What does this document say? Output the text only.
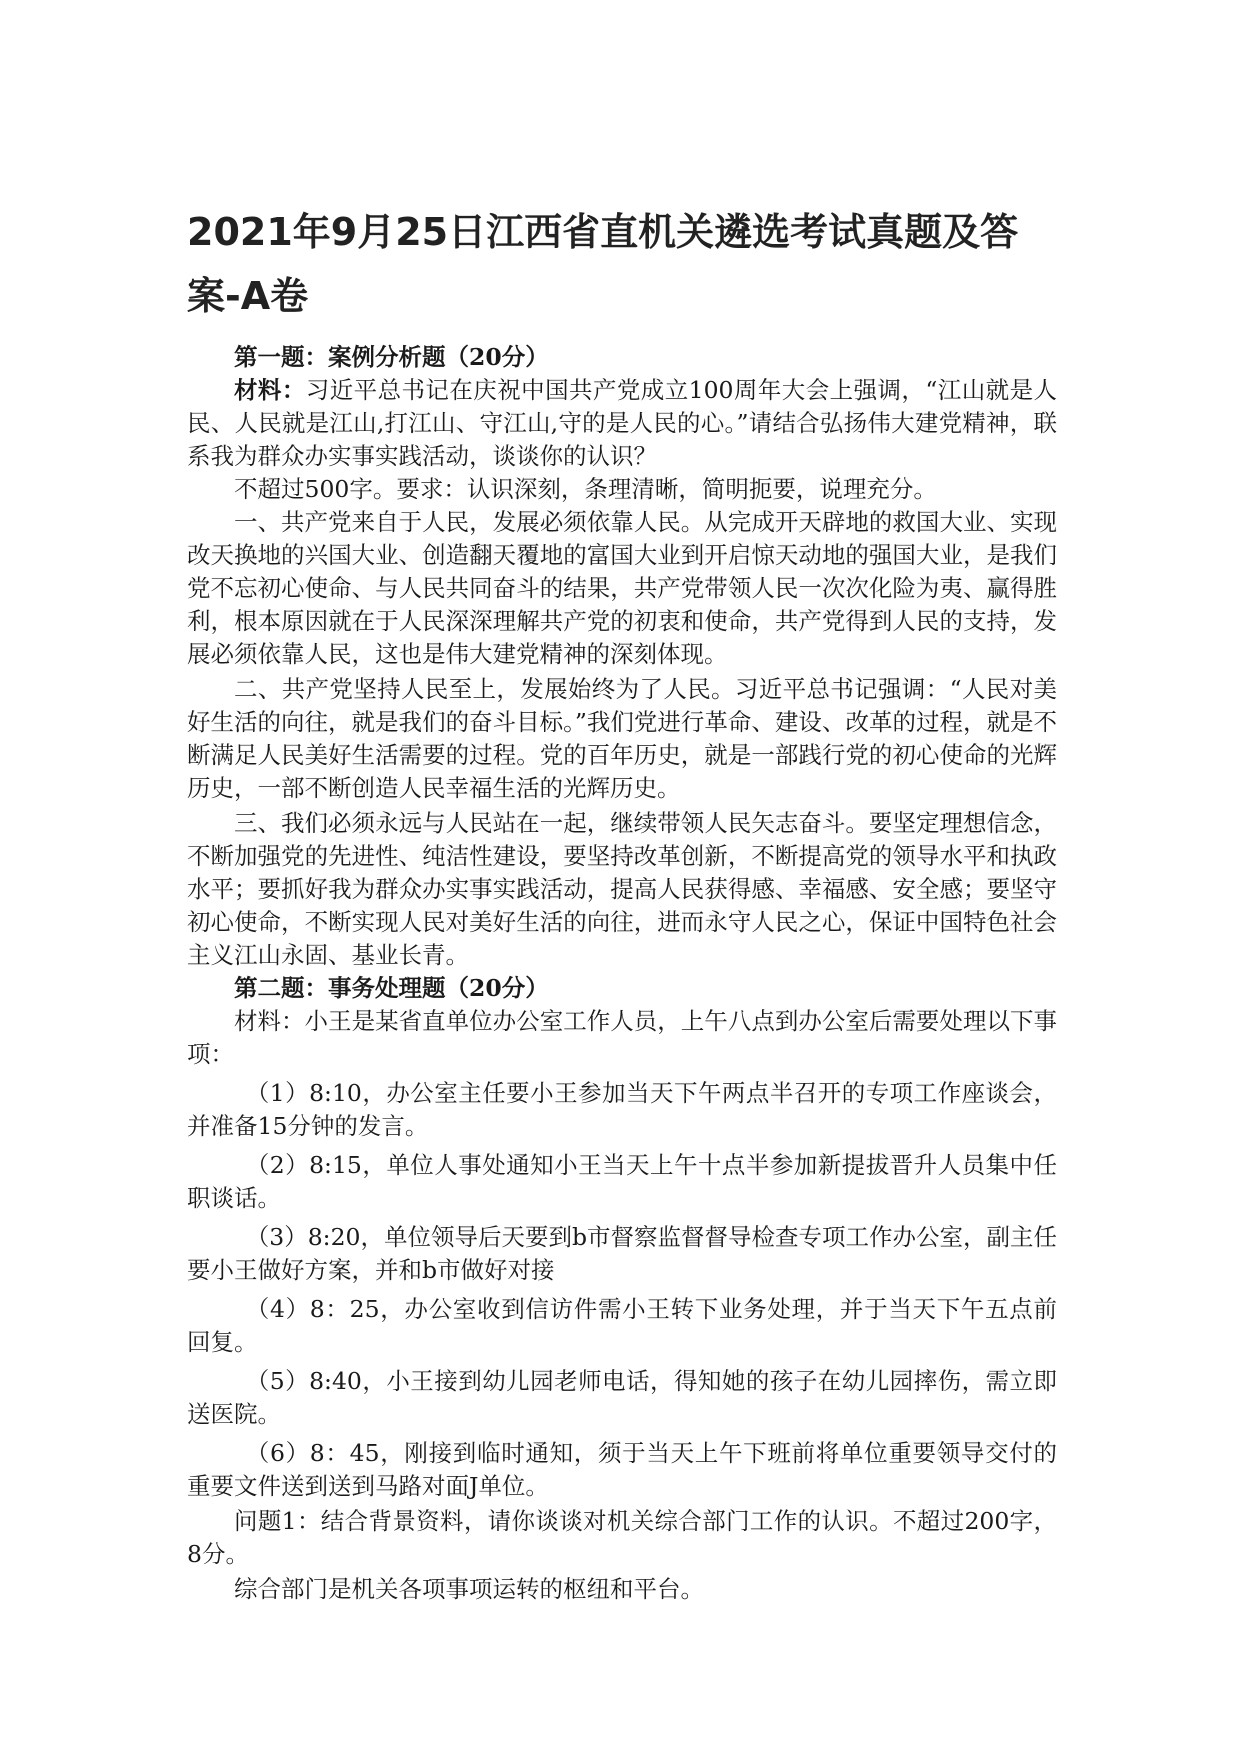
2021年9月25日江西省直机关遴选考试真题及答案-A卷

第一题：案例分析题（20分）

材料：习近平总书记在庆祝中国共产党成立100周年大会上强调，“江山就是人民、人民就是江山,打江山、守江山,守的是人民的心。”请结合弘扬伟大建党精神，联系我为群众办实事实践活动，谈谈你的认识？

不超过500字。要求：认识深刻，条理清晰，简明扼要，说理充分。

一、共产党来自于人民，发展必须依靠人民。从完成开天辟地的救国大业、实现改天换地的兴国大业、创造翻天覆地的富国大业到开启惊天动地的强国大业，是我们党不忘初心使命、与人民共同奋斗的结果，共产党带领人民一次次化险为夷、赢得胜利，根本原因就在于人民深深理解共产党的初衷和使命，共产党得到人民的支持，发展必须依靠人民，这也是伟大建党精神的深刻体现。

二、共产党坚持人民至上，发展始终为了人民。习近平总书记强调：“人民对美好生活的向往，就是我们的奋斗目标。”我们党进行革命、建设、改革的过程，就是不断满足人民美好生活需要的过程。党的百年历史，就是一部践行党的初心使命的光辉历史，一部不断创造人民幸福生活的光辉历史。

三、我们必须永远与人民站在一起，继续带领人民矢志奋斗。要坚定理想信念，不断加强党的先进性、纯洁性建设，要坚持改革创新，不断提高党的领导水平和执政水平；要抓好我为群众办实事实践活动，提高人民获得感、幸福感、安全感；要坚守初心使命，不断实现人民对美好生活的向往，进而永守人民之心，保证中国特色社会主义江山永固、基业长青。

第二题：事务处理题（20分）

材料：小王是某省直单位办公室工作人员，上午八点到办公室后需要处理以下事项：

（1）8:10，办公室主任要小王参加当天下午两点半召开的专项工作座谈会，并准备15分钟的发言。

（2）8:15，单位人事处通知小王当天上午十点半参加新提拔晋升人员集中任职谈话。

（3）8:20，单位领导后天要到b市督察监督督导检查专项工作办公室，副主任要小王做好方案，并和b市做好对接

（4）8：25，办公室收到信访件需小王转下业务处理，并于当天下午五点前回复。

（5）8:40，小王接到幼儿园老师电话，得知她的孩子在幼儿园摔伤，需立即送医院。

（6）8：45，刚接到临时通知，须于当天上午下班前将单位重要领导交付的重要文件送到送到马路对面J单位。

问题1：结合背景资料，请你谈谈对机关综合部门工作的认识。不超过200字，8分。

综合部门是机关各项事项运转的枢纽和平台。
